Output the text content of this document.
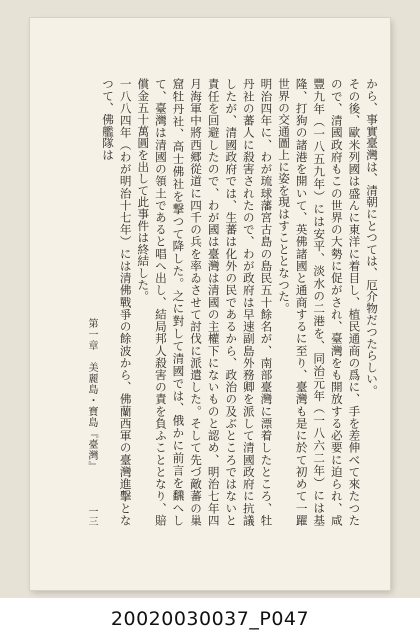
から、事實臺灣は、清朝にとつては、厄介物だつたらしい。

その後、歐米列國は盛んに東洋に着目し、植民通商の爲に、手を差伸べて來たつたので、清國政府もこの世界の大勢に促がされ、臺灣をも開放する必要に迫られ、咸豐九年（一八五九年）には安平、淡水の二港を、同治元年（一八六二年）には基隆、打狗の諸港を開いて、英佛諸國と通商するに至り、臺灣も是に於て初めて一躍世界の交通圖上に姿を現はすこととなつた。

明治四年に、わが琉球藩宮古島の島民五十餘名が、南部臺灣に漂着したところ、牡丹社の蕃人に殺害されたので、わが政府は早速副島外務卿を派して清國政府に抗議したが、清國政府では、生蕃は化外の民であるから、政治の及ぶところではないと責任を回避したので、わが國は臺灣は清國の主權下にないものと認め、明治七年四月海軍中將西郷從道に四千の兵を率ゐさせて討伐に派遣した。そして先づ敵蕃の巢窟牡丹社、高士佛社を撃つて降した。之に對して清國では、俄かに前言を飜へして、臺灣は清國の領土であると唱へ出し、結局邦人殺害の責を負ふこととなり、賠償金五十萬圓を出して此事件は終結した。

一八八四年（わが明治十七年）には清佛戰爭の餘波から、佛蘭西軍の臺灣進擊となつて、佛艦隊は

第一章　美麗島・寶島『臺灣』
一三
20020030037_P047
